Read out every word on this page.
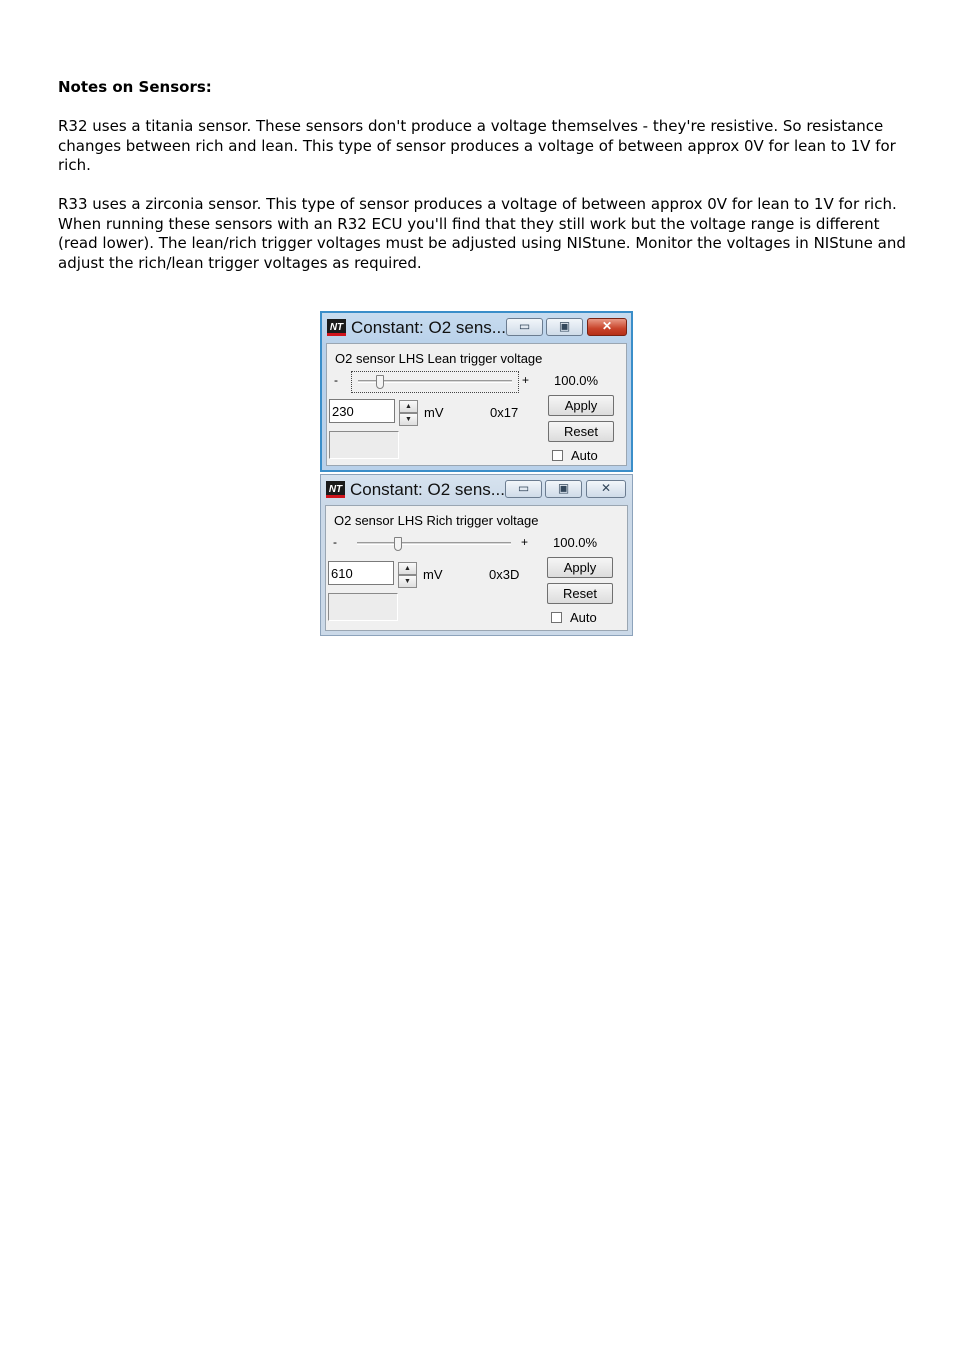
Notes on Sensors:

R32 uses a titania sensor. These sensors don't produce a voltage themselves - they're resistive. So resistance changes between rich and lean. This type of sensor produces a voltage of between approx 0V for lean to 1V for rich.

R33 uses a zirconia sensor. This type of sensor produces a voltage of between approx 0V for lean to 1V for rich. When running these sensors with an R32 ECU you'll find that they still work but the voltage range is different (read lower). The lean/rich trigger voltages must be adjusted using NIStune. Monitor the voltages in NIStune and adjust the rich/lean trigger voltages as required.

NT Constant: O2 sens...	▭	▣	✕
O2 sensor LHS Lean trigger voltage
-	+ 100.0%
230
▲
▼ mV	0x17	Apply
Reset
Auto
NT Constant: O2 sens...	▭	▣	✕
O2 sensor LHS Rich trigger voltage
-	+ 100.0%
610
▲
▼ mV	0x3D	Apply
Reset
Auto
